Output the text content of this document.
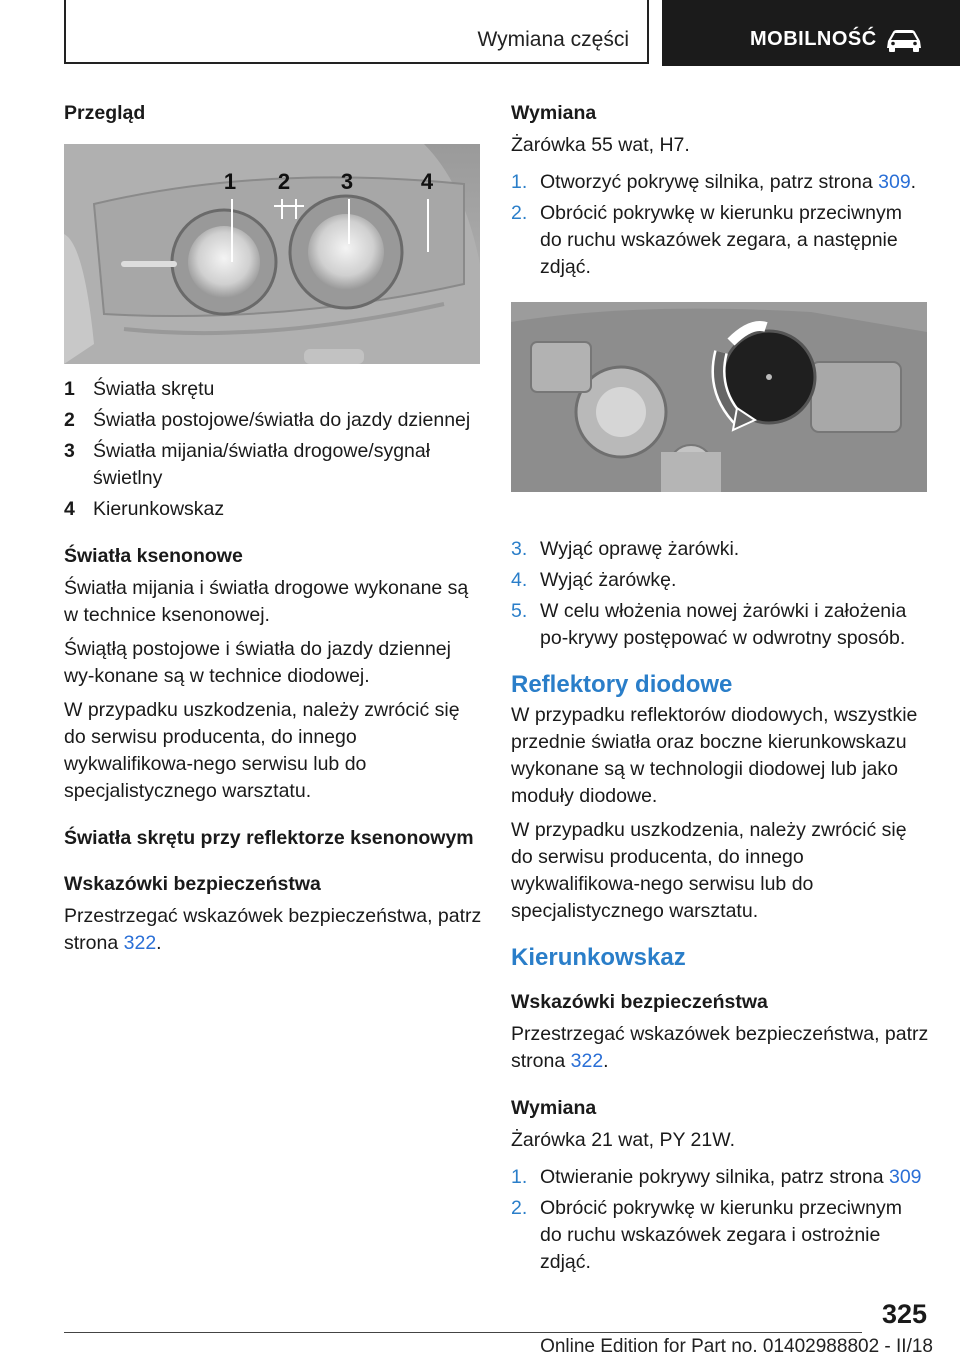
Wymiana części	MOBILNOŚĆ
Przegląd
1 2 3	4
1 Światła skrętu
2 Światła postojowe/światła do jazdy dziennej
3 Światła mijania/światła drogowe/sygnał świetlny
4 Kierunkowskaz
Światła ksenonowe

Światła mijania i światła drogowe wykonane są w technice ksenonowej.

Świątłą postojowe i światła do jazdy dziennej wy‐konane są w technice diodowej.

W przypadku uszkodzenia, należy zwrócić się do serwisu producenta, do innego wykwalifikowa‐nego serwisu lub do specjalistycznego warsztatu.

Światła skrętu przy reflektorze ksenonowym
Wskazówki bezpieczeństwa

Przestrzegać wskazówek bezpieczeństwa, patrz strona 322.

Wymiana

Żarówka 55 wat, H7.

1. Otworzyć pokrywę silnika, patrz strona 309.
2. Obrócić pokrywkę w kierunku przeciwnym do ruchu wskazówek zegara, a następnie zdjąć.
3. Wyjąć oprawę żarówki.
4. Wyjąć żarówkę.
5. W celu włożenia nowej żarówki i założenia po‐krywy postępować w odwrotny sposób.
Reflektory diodowe

W przypadku reflektorów diodowych, wszystkie przednie światła oraz boczne kierunkowskazu wykonane są w technologii diodowej lub jako moduły diodowe.

W przypadku uszkodzenia, należy zwrócić się do serwisu producenta, do innego wykwalifikowa‐nego serwisu lub do specjalistycznego warsztatu.

Kierunkowskaz
Wskazówki bezpieczeństwa

Przestrzegać wskazówek bezpieczeństwa, patrz strona 322.

Wymiana

Żarówka 21 wat, PY 21W.

1. Otwieranie pokrywy silnika, patrz strona 309
2. Obrócić pokrywkę w kierunku przeciwnym do ruchu wskazówek zegara i ostrożnie zdjąć.
325
Online Edition for Part no. 01402988802 - II/18
